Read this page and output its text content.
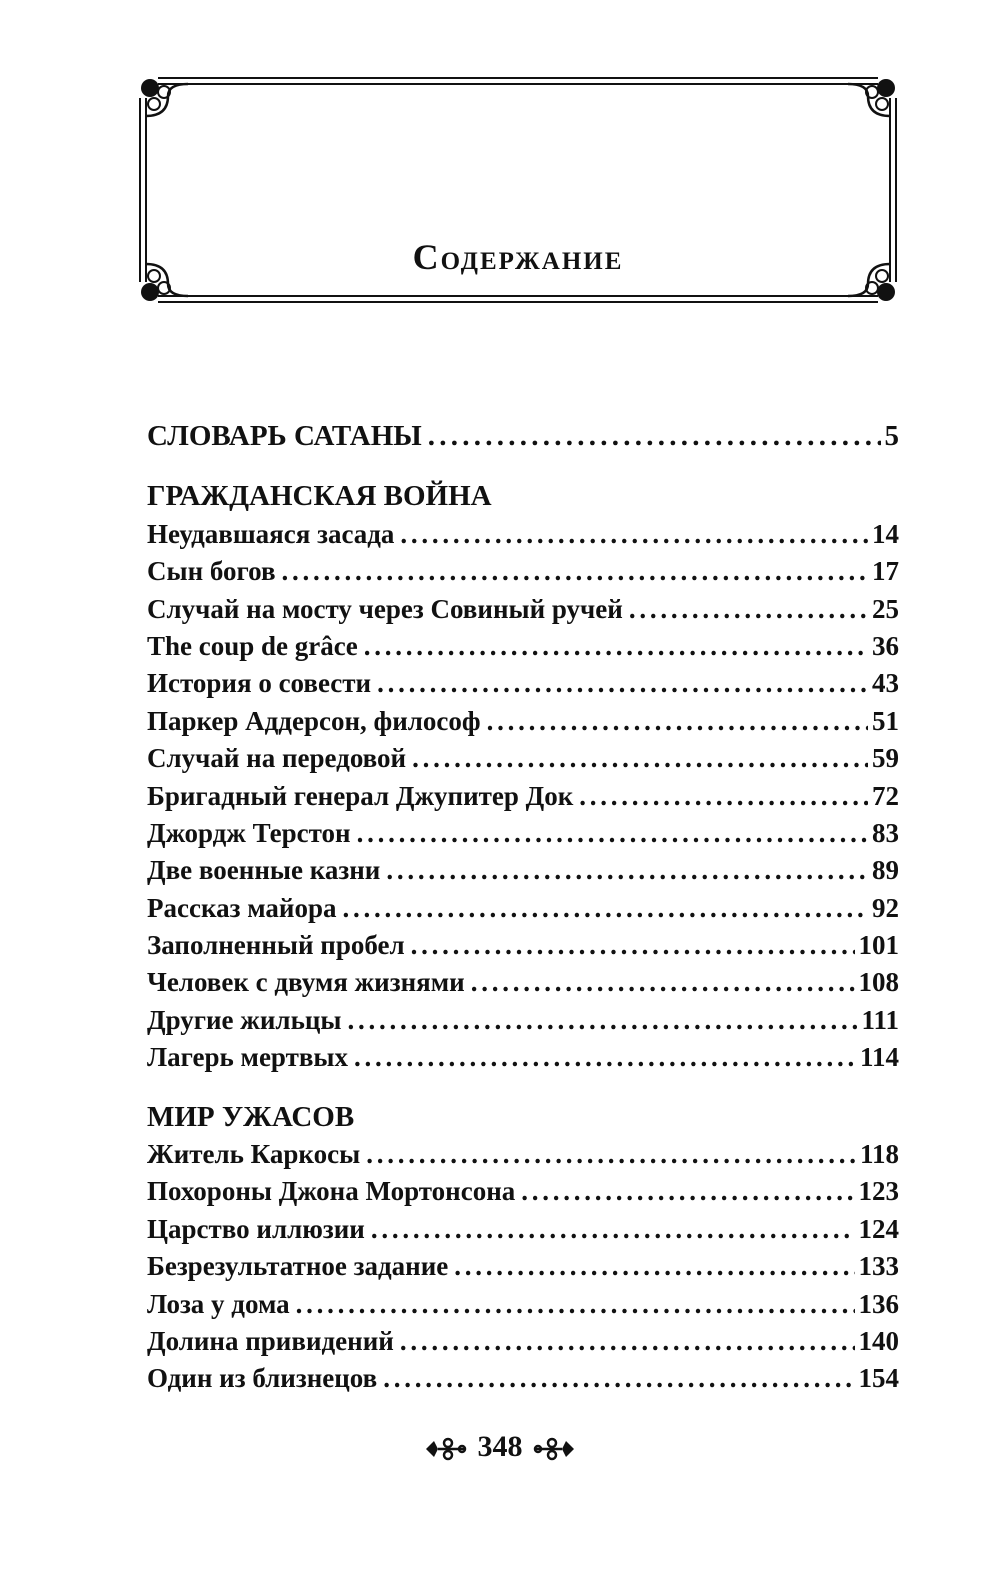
Содержание
СЛОВАРЬ САТАНЫ . . .	5
ГРАЖДАНСКАЯ ВОЙНА
Неудавшаяся засада . . .	14
Сын богов . . .	17
Случай на мосту через Совиный ручей . . .	25
The coup de grâce . . .	36
История о совести . . .	43
Паркер Аддерсон, философ . . .	51
Случай на передовой . . .	59
Бригадный генерал Джупитер Док . . .	72
Джордж Терстон . . .	83
Две военные казни . . .	89
Рассказ майора . . .	92
Заполненный пробел . . .	101
Человек с двумя жизнями . . .	108
Другие жильцы . . .	111
Лагерь мертвых . . .	114
МИР УЖАСОВ
Житель Каркосы . . .	118
Похороны Джона Мортонсона . . .	123
Царство иллюзии . . .	124
Безрезультатное задание . . .	133
Лоза у дома . . .	136
Долина привидений . . .	140
Один из близнецов . . .	154
348
